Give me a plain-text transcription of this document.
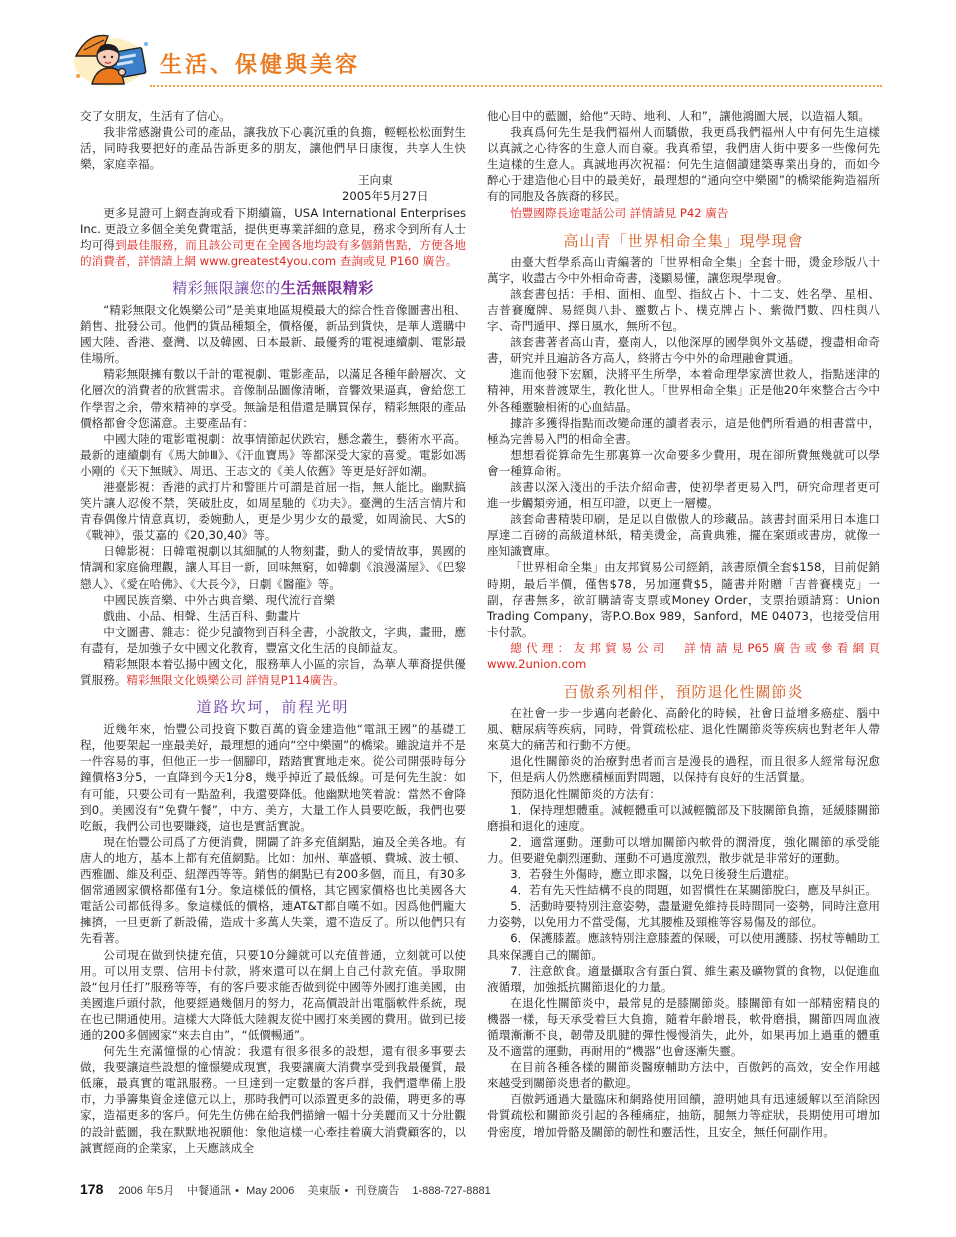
生活、保健與美容

交了女朋友，生活有了信心。

我非常感謝貴公司的產品，讓我放下心裏沉重的負擔，輕輕松松面對生活，同時我要把好的產品告訴更多的朋友，讓他們早日康復，共享人生快樂，家庭幸福。

王向東

2005年5月27日

更多見證可上網查詢或看下期續篇，USA International Enterprises Inc. 更設立多個全美免費電話，提供更專業詳細的意見，務求令到所有人士均可得到最佳服務，而且該公司更在全國各地均設有多個銷售點，方便各地的消費者，詳情請上網 www.greatest4you.com 查詢或見 P160 廣告。

精彩無限讓您的生活無限精彩

“精彩無限文化娛樂公司”是美東地區規模最大的綜合性音像圖書出租、銷售、批發公司。他們的貨品種類全，價格優，新品到貨快，是華人選購中國大陸、香港、臺灣、以及韓國、日本最新、最優秀的電視連續劇、電影最佳場所。

精彩無限擁有數以千計的電視劇、電影產品，以滿足各種年齡層次、文化層次的消費者的欣賞需求。音像制品圖像清晰，音響效果逼真，會給您工作學習之余，帶來精神的享受。無論是租借還是購買保存，精彩無限的產品價格都會令您滿意。主要產品有：

中國大陸的電影電視劇：故事情節起伏跌宕，懸念叢生，藝術水平高。最新的連續劇有《馬大帥Ⅲ》、《汗血寶馬》等都深受大家的喜愛。電影如馮小剛的《天下無賊》、周迅、王志文的《美人依舊》等更是好評如潮。

港臺影視：香港的武打片和警匪片可謂是首屈一指，無人能比。幽默搞笑片讓人忍俊不禁，笑破肚皮，如周星馳的《功夫》。臺灣的生活言情片和青春偶像片情意真切，委婉動人，更是少男少女的最愛，如周渝民、大S的《戰神》，張艾嘉的《20,30,40》等。

日韓影視：日韓電視劇以其細膩的人物刻畫，動人的愛情故事，異國的情調和家庭倫理觀，讓人耳目一新，回味無窮，如韓劇《浪漫滿屋》、《巴黎戀人》、《愛在哈佛》、《大長今》，日劇《醫龍》等。

中國民族音樂、中外古典音樂、現代流行音樂

戲曲、小品、相聲、生活百科、動畫片

中文圖書、雜志：從少兒讀物到百科全書，小說散文，字典，畫冊，應有盡有，是加強子女中國文化教育，豐富文化生活的良師益友。

精彩無限本着弘揚中國文化，服務華人小區的宗旨，為華人華裔提供優質服務。精彩無限文化娛樂公司 詳情見P114廣告。

道路坎坷，前程光明

近幾年來，怡豐公司投資下數百萬的資金建造他“電訊王國”的基礎工程，他要架起一座最美好，最理想的通向“空中樂園”的橋梁。雖說這并不是一件容易的事，但他正一步一個腳印，踏踏實實地走來。從公司開張時每分鐘價格3分5，一直降到今天1分8，幾乎掉近了最低線。可是何先生說：如有可能，只要公司有一點盈利，我還要降低。他幽默地笑着說：當然不會降到0。美國沒有“免費午餐”，中方、美方，大量工作人員要吃飯，我們也要吃飯，我們公司也要賺錢，這也是實話實說。

現在怡豐公司爲了方便消費，開闢了許多充值網點，遍及全美各地。有唐人的地方，基本上都有充值網點。比如：加州、華盛頓、費城、波士頓、西雅圖、維及利亞、紐澤西等等。銷售的網點已有200多個，而且，有30多個常通國家價格都僅有1分。象這樣低的價格，其它國家價格也比美國各大電話公司都低得多。象這樣低的價格，連AT&T都自嘆不如。因爲他們龐大擁擠，一旦更新了新設備，造成十多萬人失業，還不造反了。所以他們只有先看著。

公司現在做到快捷充值，只要10分鐘就可以充值普通，立刻就可以使用。可以用支票、信用卡付款，將來還可以在網上自己付款充值。爭取開設“包月任打”服務等等，有的客戶要求能否做到從中國等外國打進美國，由美國進戶頭付款，他要經過幾個月的努力，花高價設計出電腦軟件系統，現在也已開通使用。這樣大大降低大陸親友從中國打來美國的費用。做到已接通的200多個國家“來去自由”，“低價暢通”。

何先生充滿憧憬的心情說：我還有很多很多的設想，還有很多事要去做，我要讓這些設想的憧憬變成現實，我要讓廣大消費享受到我最優質，最低廉，最真實的電訊服務。一旦達到一定數量的客戶群，我們還準備上股市，力爭籌集資金達億元以上，那時我們可以添置更多的設備，聘更多的專家，造福更多的客戶。何先生仿佛在給我們描繪一幅十分美麗而又十分壯觀的設計藍圖，我在默默地祝願他：象他這樣一心牽挂着廣大消費顧客的，以誠實經商的企業家，上天應該成全

他心目中的藍圖，給他“天時、地利、人和”，讓他鴻圖大展，以造福人類。

我真爲何先生是我們福州人而驕傲，我更爲我們福州人中有何先生這樣以真誠之心待客的生意人而自豪。我真希望，我們唐人街中要多一些像何先生這樣的生意人。真誠地再次祝福：何先生這個讀建築專業出身的，而如今醉心于建造他心目中的最美好，最理想的“通向空中樂園”的橋梁能夠造福所有的同胞及各族裔的移民。

怡豐國際長途電話公司 詳情請見 P42 廣告

高山青「世界相命全集」現學現會

由臺大哲學系高山青編著的「世界相命全集」全套十冊，燙金珍版八十萬字，收盡古今中外相命奇書，淺顯易懂，讓您現學現會。

該套書包括：手相、面相、血型、指紋占卜、十二支、姓名學、星相、吉普賽魔牌、易經與八卦、靈數占卜、樸克牌占卜、紫微鬥數、四柱與八字、奇門遁甲、擇日風水，無所不包。

該套書著者高山青，臺南人，以他深厚的國學與外文基礎，搜盡相命奇書，研究并且遍訪各方高人，終將古今中外的命理融會貫通。

進而他發下宏願，決將平生所學，本着命理學家濟世救人，指點迷津的精神，用來普渡眾生，教化世人。「世界相命全集」正是他20年來整合古今中外各種靈驗相術的心血結晶。

據許多獲得指點而改變命運的讀者表示，這是他們所看過的相書當中，極為完善易入門的相命全書。

想想看從算命先生那裏算一次命要多少費用，現在卻所費無幾就可以學會一種算命術。

該書以深入淺出的手法介紹命書，使初學者更易入門，研究命理者更可進一步觸類旁通，相互印證，以更上一層樓。

該套命書精裝印刷，是足以自傲傲人的珍藏品。該書封面采用日本進口厚達二百磅的高級道林紙，精美燙金，高貴典雅，擺在案頭或書房，就像一座知識寶庫。

「世界相命全集」由友邦貿易公司經銷，該書原價全套$158，目前促銷時期，最后半價，僅售$78，另加運費$5，隨書并附贈「吉普賽樸克」一副，存書無多，欲訂購請寄支票或Money Order，支票抬頭請寫：Union Trading Company，寄P.O.Box 989，Sanford，ME 04073，也接受信用卡付款。

總代理：友邦貿易公司  詳情請見P65廣告或參看網頁 www.2union.com

百傲系列相伴，預防退化性關節炎

在社會一步一步邁向老齡化、高齡化的時候，社會日益增多癌症、腦中風、糖尿病等疾病，同時，骨質疏松症、退化性關節炎等疾病也對老年人帶來莫大的痛苦和行動不方便。

退化性關節炎的治療對患者而言是漫長的過程，而且很多人經常每況愈下，但是病人仍然應積極面對問題，以保持有良好的生活質量。

預防退化性關節炎的方法有：

1．保持理想體重。減輕體重可以減輕髖部及下肢關節負擔，延緩膝關節磨損和退化的速度。

2．適當運動。運動可以增加關節內軟骨的潤滑度，強化關節的承受能力。但要避免劇烈運動、運動不可過度激烈，散步就是非常好的運動。

3．若發生外傷時，應立即求醫，以免日後發生后遺症。

4．若有先天性結構不良的問題，如習慣性在某關節脫臼，應及早糾正。

5．活動時要特別注意姿勢，盡量避免維持長時間同一姿勢，同時注意用力姿勢，以免用力不當受傷，尤其腰椎及頸椎等容易傷及的部位。

6．保護膝蓋。應該特別注意膝蓋的保暖，可以使用護膝、拐杖等輔助工具來保護自己的關節。

7．注意飲食。適量攝取含有蛋白質、維生素及礦物質的食物，以促進血液循環，加強抵抗關節退化的力量。

在退化性關節炎中，最常見的是膝關節炎。膝關節有如一部精密精良的機器一樣，每天承受着巨大負擔，隨着年齡增長，軟骨磨損，關節四周血液循環漸漸不良，韌帶及肌腱的彈性慢慢消失，此外，如果再加上過重的體重及不適當的運動，再耐用的“機器”也會逐漸失靈。

在目前各種各樣的關節炎醫療輔助方法中，百傲鈣的高效，安全作用越來越受到關節炎患者的歡迎。

百傲鈣通過大量臨床和網路使用回饋，證明她具有迅速緩解以至消除因骨質疏松和關節炎引起的各種痛症，抽筋，腿無力等症狀，長期使用可增加骨密度，增加骨骼及關節的韌性和靈活性，且安全，無任何副作用。

178 2006 年5月 中餐通訊 • May 2006 美東版 • 刊登廣告 1-888-727-8881
